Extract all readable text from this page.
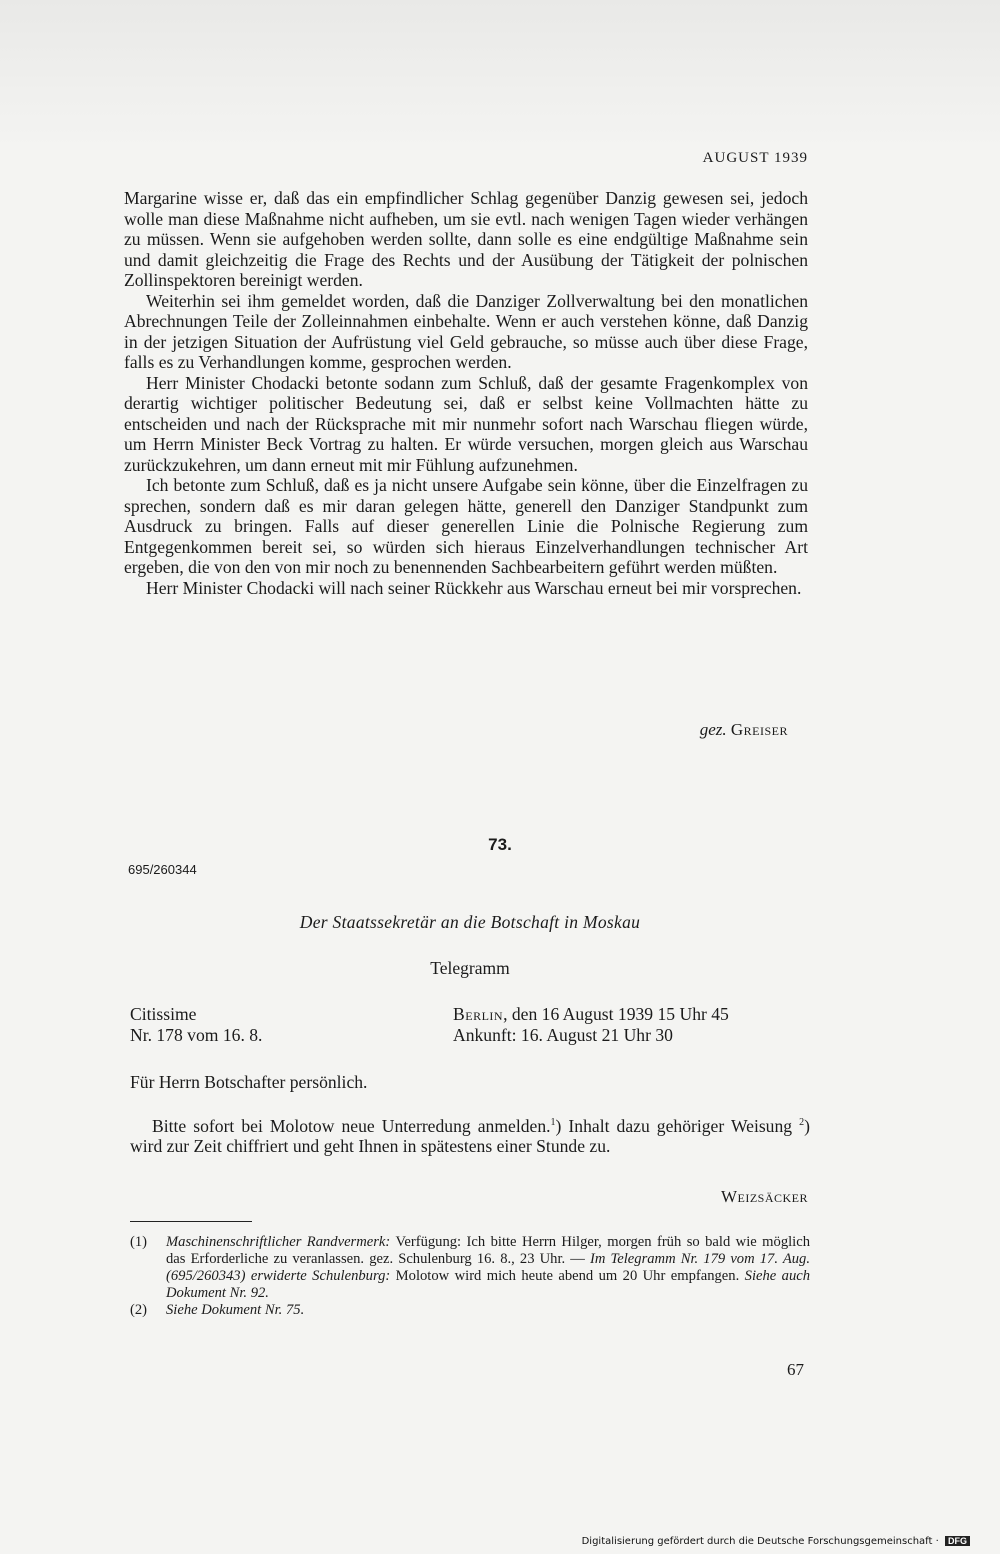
AUGUST 1939

Margarine wisse er, daß das ein empfindlicher Schlag gegenüber Danzig gewesen sei, jedoch wolle man diese Maßnahme nicht aufheben, um sie evtl. nach wenigen Tagen wieder verhängen zu müssen. Wenn sie aufgehoben werden sollte, dann solle es eine endgültige Maßnahme sein und damit gleichzeitig die Frage des Rechts und der Ausübung der Tätigkeit der polnischen Zollinspektoren bereinigt werden.

Weiterhin sei ihm gemeldet worden, daß die Danziger Zollverwaltung bei den monatlichen Abrechnungen Teile der Zolleinnahmen einbehalte. Wenn er auch verstehen könne, daß Danzig in der jetzigen Situation der Aufrüstung viel Geld gebrauche, so müsse auch über diese Frage, falls es zu Verhandlungen komme, gesprochen werden.

Herr Minister Chodacki betonte sodann zum Schluß, daß der gesamte Fragenkomplex von derartig wichtiger politischer Bedeutung sei, daß er selbst keine Vollmachten hätte zu entscheiden und nach der Rücksprache mit mir nunmehr sofort nach Warschau fliegen würde, um Herrn Minister Beck Vortrag zu halten. Er würde versuchen, morgen gleich aus Warschau zurückzukehren, um dann erneut mit mir Fühlung aufzunehmen.

Ich betonte zum Schluß, daß es ja nicht unsere Aufgabe sein könne, über die Einzelfragen zu sprechen, sondern daß es mir daran gelegen hätte, generell den Danziger Standpunkt zum Ausdruck zu bringen. Falls auf dieser generellen Linie die Polnische Regierung zum Entgegenkommen bereit sei, so würden sich hieraus Einzelverhandlungen technischer Art ergeben, die von den von mir noch zu benennenden Sachbearbeitern geführt werden müßten.

Herr Minister Chodacki will nach seiner Rückkehr aus Warschau erneut bei mir vorsprechen.

gez. Greiser
73.
695/260344
Der Staatssekretär an die Botschaft in Moskau
Telegramm
Citissime
Nr. 178 vom 16. 8.
Berlin, den 16 August 1939 15 Uhr 45
Ankunft: 16. August 21 Uhr 30
Für Herrn Botschafter persönlich.

Bitte sofort bei Molotow neue Unterredung anmelden.$^1$) Inhalt dazu gehöriger Weisung $^2$) wird zur Zeit chiffriert und geht Ihnen in spätestens einer Stunde zu.

Weizsäcker
(1) Maschinenschriftlicher Randvermerk: Verfügung: Ich bitte Herrn Hilger, morgen früh so bald wie möglich das Erforderliche zu veranlassen. gez. Schulenburg 16. 8., 23 Uhr. — Im Telegramm Nr. 179 vom 17. Aug. (695/260343) erwiderte Schulenburg: Molotow wird mich heute abend um 20 Uhr empfangen. Siehe auch Dokument Nr. 92.
(2) Siehe Dokument Nr. 75.
67
Digitalisierung gefördert durch die Deutsche Forschungsgemeinschaft · DFG
